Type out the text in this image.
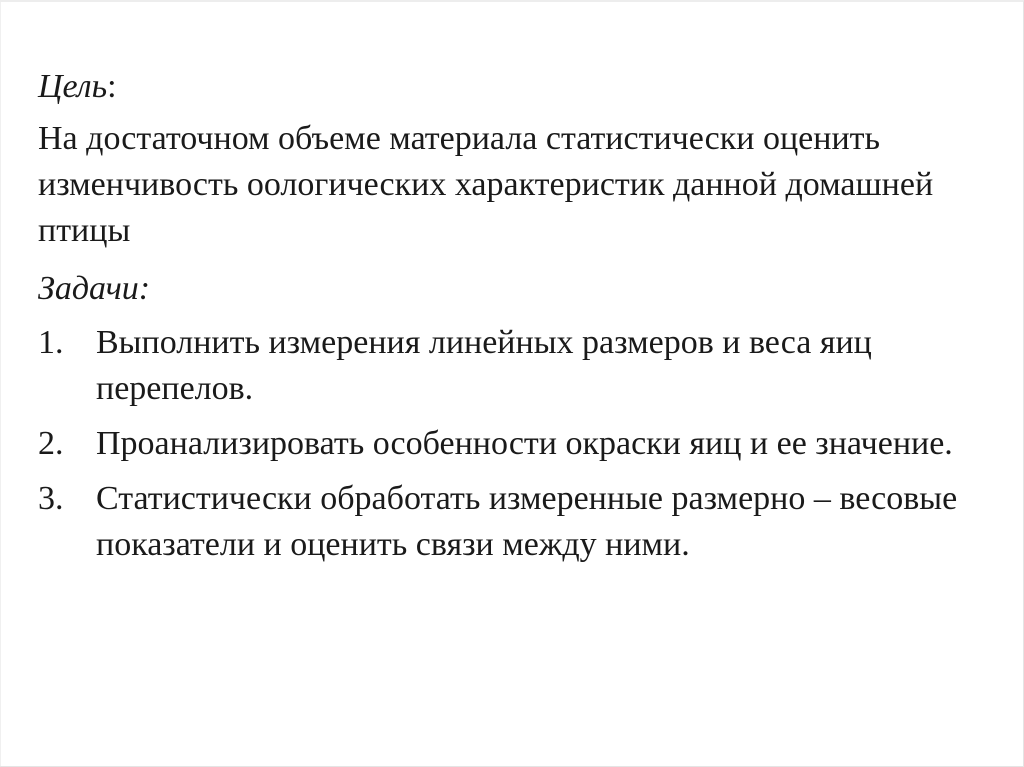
Цель:
На достаточном объеме материала статистически оценить изменчивость оологических характеристик данной домашней птицы
Задачи:
1. Выполнить измерения линейных размеров и веса яиц перепелов.
2. Проанализировать особенности окраски яиц и ее значение.
3. Статистически обработать измеренные размерно – весовые показатели и оценить связи между ними.
